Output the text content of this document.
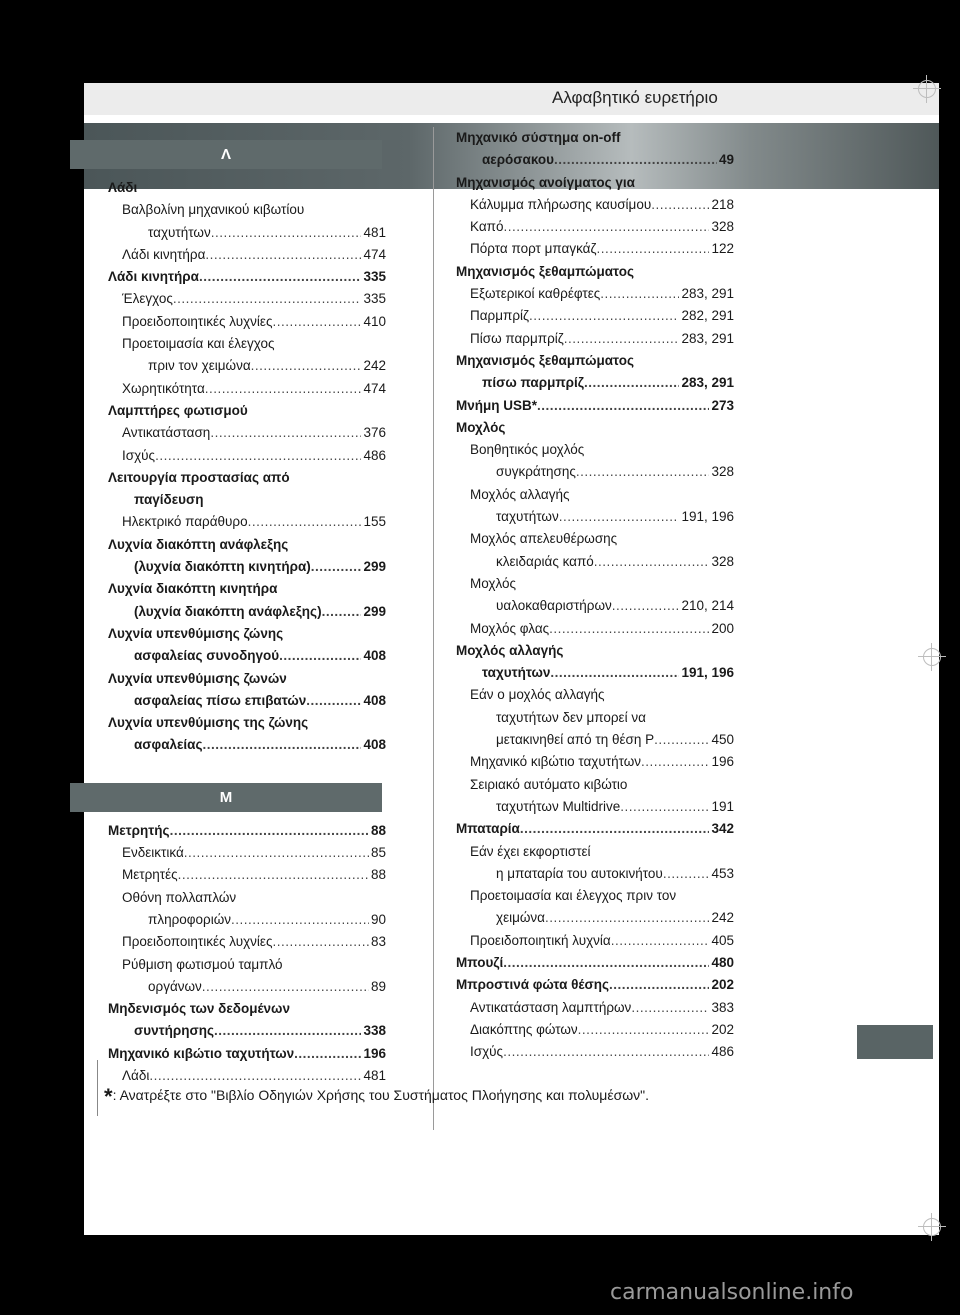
Αλφαβητικό ευρετήριο
Λ
Λάδι
Βαλβολίνη μηχανικού κιβωτίου
ταχυτήτων .....	481
Λάδι κινητήρα .....	474
Λάδι κινητήρα .....	335
Έλεγχος .....	335
Προειδοποιητικές λυχνίες .....	410
Προετοιμασία και έλεγχος
πριν τον χειμώνα .....	242
Χωρητικότητα .....	474
Λαμπτήρες φωτισμού
Αντικατάσταση .....	376
Ισχύς .....	486
Λειτουργία προστασίας από
παγίδευση
Ηλεκτρικό παράθυρο .....	155
Λυχνία διακόπτη ανάφλεξης
(λυχνία διακόπτη κινητήρα) .....	299
Λυχνία διακόπτη κινητήρα
(λυχνία διακόπτη ανάφλεξης) .....	299
Λυχνία υπενθύμισης ζώνης
ασφαλείας συνοδηγού .....	408
Λυχνία υπενθύμισης ζωνών
ασφαλείας πίσω επιβατών .....	408
Λυχνία υπενθύμισης της ζώνης
ασφαλείας .....	408
Μ
Μετρητής .....	88
Ενδεικτικά .....	85
Μετρητές .....	88
Οθόνη πολλαπλών
πληροφοριών .....	90
Προειδοποιητικές λυχνίες .....	83
Ρύθμιση φωτισμού ταμπλό
οργάνων .....	89
Μηδενισμός των δεδομένων
συντήρησης .....	338
Μηχανικό κιβώτιο ταχυτήτων .....	196
Λάδι .....	481
Μηχανικό σύστημα on-off
αερόσακου .....	49
Μηχανισμός ανοίγματος για
Κάλυμμα πλήρωσης καυσίμου .....	218
Καπό .....	328
Πόρτα πορτ μπαγκάζ .....	122
Μηχανισμός ξεθαμπώματος
Εξωτερικοί καθρέφτες .....	283, 291
Παρμπρίζ .....	282, 291
Πίσω παρμπρίζ .....	283, 291
Μηχανισμός ξεθαμπώματος
πίσω παρμπρίζ .....	283, 291
Μνήμη USB* .....	273
Μοχλός
Βοηθητικός μοχλός
συγκράτησης .....	328
Μοχλός αλλαγής
ταχυτήτων .....	191, 196
Μοχλός απελευθέρωσης
κλειδαριάς καπό .....	328
Μοχλός
υαλοκαθαριστήρων .....	210, 214
Μοχλός φλας .....	200
Μοχλός αλλαγής
ταχυτήτων .....	191, 196
Εάν ο μοχλός αλλαγής
ταχυτήτων δεν μπορεί να
μετακινηθεί από τη θέση P .....	450
Μηχανικό κιβώτιο ταχυτήτων .....	196
Σειριακό αυτόματο κιβώτιο
ταχυτήτων Multidrive .....	191
Μπαταρία .....	342
Εάν έχει εκφορτιστεί
η μπαταρία του αυτοκινήτου .....	453
Προετοιμασία και έλεγχος πριν τον
χειμώνα .....	242
Προειδοποιητική λυχνία .....	405
Μπουζί .....	480
Μπροστινά φώτα θέσης .....	202
Αντικατάσταση λαμπτήρων .....	383
Διακόπτης φώτων .....	202
Ισχύς .....	486
*: Ανατρέξτε στο "Βιβλίο Οδηγιών Χρήσης του Συστήματος Πλοήγησης και πολυμέσων".
carmanualsonline.info
